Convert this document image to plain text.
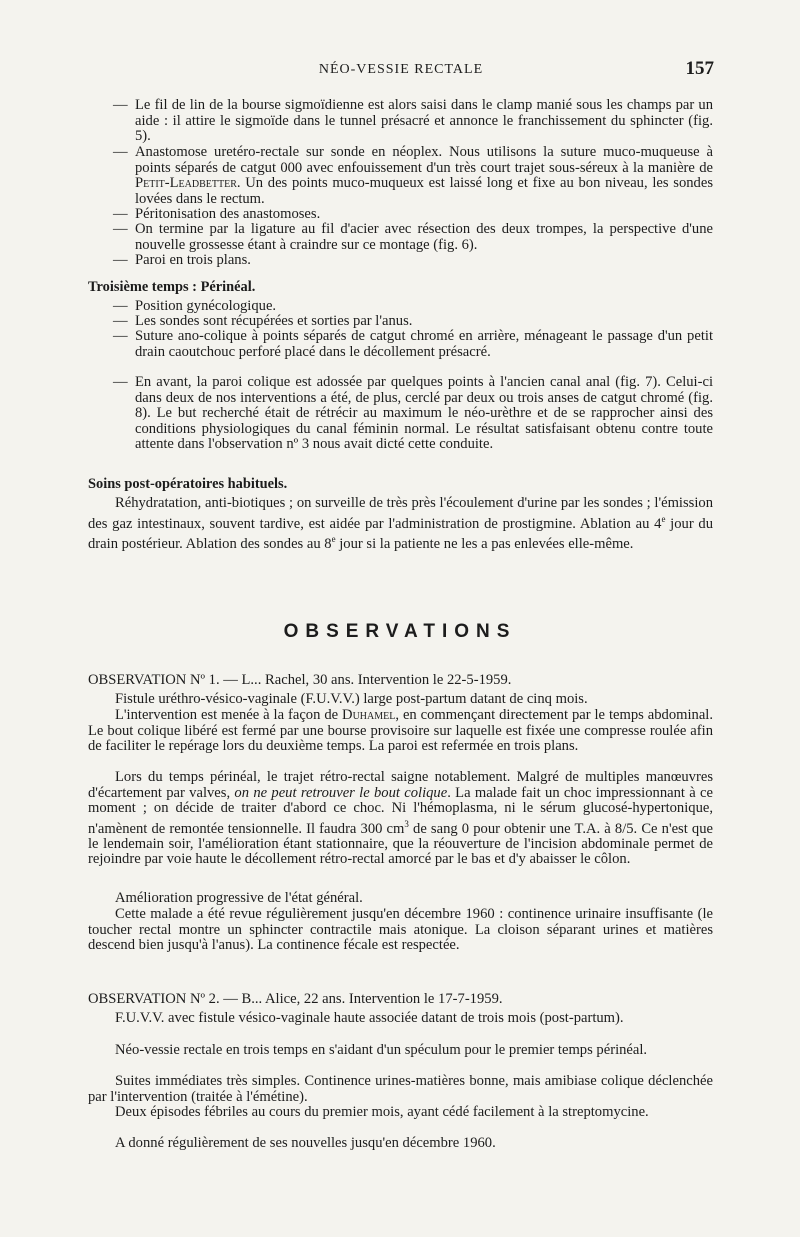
NÉO-VESSIE RECTALE	157
— Le fil de lin de la bourse sigmoïdienne est alors saisi dans le clamp manié sous les champs par un aide : il attire le sigmoïde dans le tunnel présacré et annonce le franchissement du sphincter (fig. 5).
— Anastomose uretéro-rectale sur sonde en néoplex. Nous utilisons la suture muco-muqueuse à points séparés de catgut 000 avec enfouissement d'un très court trajet sous-séreux à la manière de Petit-Leadbetter. Un des points muco-muqueux est laissé long et fixe au bon niveau, les sondes lovées dans le rectum.
— Péritonisation des anastomoses.
— On termine par la ligature au fil d'acier avec résection des deux trompes, la perspective d'une nouvelle grossesse étant à craindre sur ce montage (fig. 6).
— Paroi en trois plans.
Troisième temps : Périnéal.
— Position gynécologique.
— Les sondes sont récupérées et sorties par l'anus.
— Suture ano-colique à points séparés de catgut chromé en arrière, ménageant le passage d'un petit drain caoutchouc perforé placé dans le décollement présacré.
— En avant, la paroi colique est adossée par quelques points à l'ancien canal anal (fig. 7). Celui-ci dans deux de nos interventions a été, de plus, cerclé par deux ou trois anses de catgut chromé (fig. 8). Le but recherché était de rétrécir au maximum le néo-urèthre et de se rapprocher ainsi des conditions physiologiques du canal féminin normal. Le résultat satisfaisant obtenu contre toute attente dans l'observation nº 3 nous avait dicté cette conduite.
Soins post-opératoires habituels.
Réhydratation, anti-biotiques ; on surveille de très près l'écoulement d'urine par les sondes ; l'émission des gaz intestinaux, souvent tardive, est aidée par l'administration de prostigmine. Ablation au 4e jour du drain postérieur. Ablation des sondes au 8e jour si la patiente ne les a pas enlevées elle-même.
OBSERVATIONS
OBSERVATION Nº 1. — L... Rachel, 30 ans. Intervention le 22-5-1959.
Fistule uréthro-vésico-vaginale (F.U.V.V.) large post-partum datant de cinq mois.
L'intervention est menée à la façon de Duhamel, en commençant directement par le temps abdominal. Le bout colique libéré est fermé par une bourse provisoire sur laquelle est fixée une compresse roulée afin de faciliter le repérage lors du deuxième temps. La paroi est refermée en trois plans.
Lors du temps périnéal, le trajet rétro-rectal saigne notablement. Malgré de multiples manœuvres d'écartement par valves, on ne peut retrouver le bout colique. La malade fait un choc impressionnant à ce moment ; on décide de traiter d'abord ce choc. Ni l'hémoplasma, ni le sérum glucosé-hypertonique, n'amènent de remontée tensionnelle. Il faudra 300 $cm^3$ de sang 0 pour obtenir une T.A. à 8/5. Ce n'est que le lendemain soir, l'amélioration étant stationnaire, que la réouverture de l'incision abdominale permet de rejoindre par voie haute le décollement rétro-rectal amorcé par le bas et d'y abaisser le côlon.
Amélioration progressive de l'état général.
Cette malade a été revue régulièrement jusqu'en décembre 1960 : continence urinaire insuffisante (le toucher rectal montre un sphincter contractile mais atonique. La cloison séparant urines et matières descend bien jusqu'à l'anus). La continence fécale est respectée.
OBSERVATION Nº 2. — B... Alice, 22 ans. Intervention le 17-7-1959.
F.U.V.V. avec fistule vésico-vaginale haute associée datant de trois mois (post-partum).
Néo-vessie rectale en trois temps en s'aidant d'un spéculum pour le premier temps périnéal.
Suites immédiates très simples. Continence urines-matières bonne, mais amibiase colique déclenchée par l'intervention (traitée à l'émétine).
Deux épisodes fébriles au cours du premier mois, ayant cédé facilement à la streptomycine.
A donné régulièrement de ses nouvelles jusqu'en décembre 1960.
